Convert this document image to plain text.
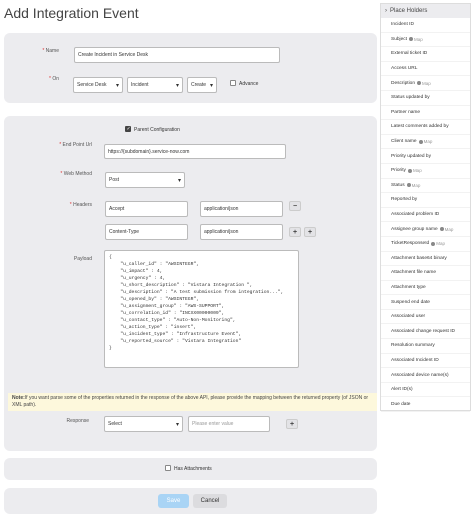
Add Integration Event
* Name
Create Incident in Service Desk
* On
Service Desk
▾	Incident
▾	Create
▾	Advance
✓
Parent Configuration
* End Point Url
https://{subdomain}.service-now.com
* Web Method
Post
▾
* Headers
Accept	application/json	−
Content-Type	application/json	+	+
Payload	{
"u_caller_id" : "AWSINTEGR",
"u_impact" : 4,
"u_urgency" : 4,
"u_short_description" : "Vistara Integration ",
"u_description" : "A test submission from integration...",
"u_opened_by" : "AWSINTEGR",
"u_assignment_group" : "AWS-SUPPORT",
"u_correlation_id" : "INCXX00000009",
"u_contact_type" : "Auto-Non-Monitoring",
"u_action_type" : "insert",
"u_incident_type" : "Infrastructure Event",
"u_reported_source" : "Vistara Integration"
}
Note:If you want parse some of the properties returned in the response of the above API, please provide the mapping between the returned property (of JSON or XML path).
Response	Select
▾	Please enter value	+
Has Attachments
Save	Cancel
› Place Holders
Incident ID
Subject Map
External ticket ID
Access URL
Description Map
Status updated by
Partner name
Latest comments added by
Client name Map
Priority updated by
Priority Map
Status Map
Reported by
Associated problem ID
Assignee group name Map
TicketResponseId Map
Attachment base64 binary
Attachment file name
Attachment type
Suspend end date
Associated user
Associated change request ID
Resolution summary
Associated Incident ID
Associated device name(s)
Alert ID(s)
Due date
